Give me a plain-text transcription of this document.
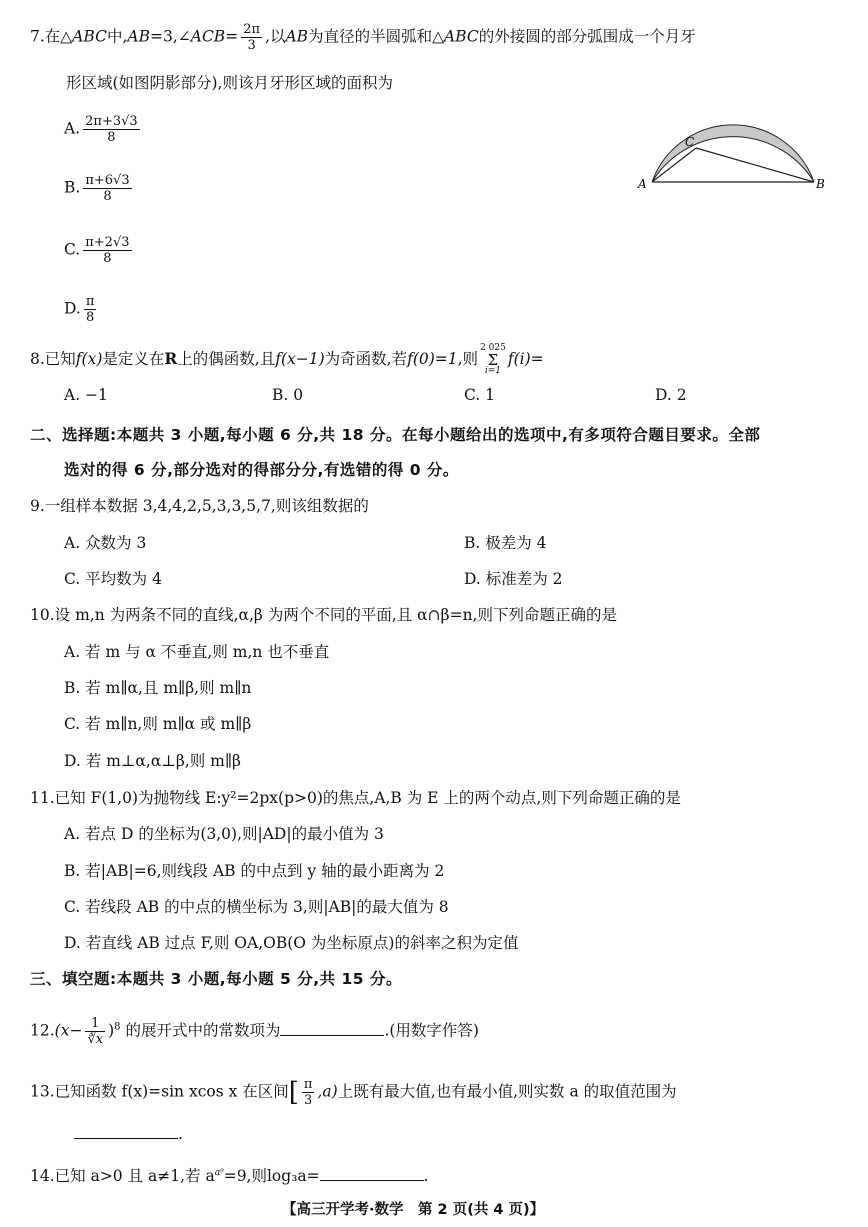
7.在△ABC中,AB=3,∠ACB= $\frac{2\pi}{3}$ ,以AB为直径的半圆弧和△ABC的外接圆的部分弧围成一个月牙
形区域(如图阴影部分),则该月牙形区域的面积为
A. $\frac{2\pi+3√3}{8}$
B. $\frac{\pi+6√3}{8}$
C. $\frac{\pi+2√3}{8}$
D. $\frac{\pi}{8}$
A	B
C
8.已知f(x)是定义在R上的偶函数,且f(x−1)为奇函数,若f(0)=1,则2 025
Σ
i=1f(i)=
A. −1	B. 0	C. 1	D. 2
二、选择题:本题共 3 小题,每小题 6 分,共 18 分。在每小题给出的选项中,有多项符合题目要求。全部
选对的得 6 分,部分选对的得部分分,有选错的得 0 分。
9.一组样本数据 3,4,4,2,5,3,3,5,7,则该组数据的
A. 众数为 3	B. 极差为 4
C. 平均数为 4	D. 标准差为 2
10.设 m,n 为两条不同的直线,α,β 为两个不同的平面,且 α∩β=n,则下列命题正确的是
A. 若 m 与 α 不垂直,则 m,n 也不垂直
B. 若 m∥α,且 m∥β,则 m∥n
C. 若 m∥n,则 m∥α 或 m∥β
D. 若 m⊥α,α⊥β,则 m∥β
11.已知 F(1,0)为抛物线 E:y²=2px(p>0)的焦点,A,B 为 E 上的两个动点,则下列命题正确的是
A. 若点 D 的坐标为(3,0),则|AD|的最小值为 3
B. 若|AB|=6,则线段 AB 的中点到 y 轴的最小距离为 2
C. 若线段 AB 的中点的横坐标为 3,则|AB|的最大值为 8
D. 若直线 AB 过点 F,则 OA,OB(O 为坐标原点)的斜率之积为定值
三、填空题:本题共 3 小题,每小题 5 分,共 15 分。
$12.(x- \frac{1}{∛x} )^8$ 的展开式中的常数项为	.(用数字作答)
13.已知函数 f(x)=sin xcos x 在区间[ $\frac{\pi}{3} ,a$)上既有最大值,也有最小值,则实数 a 的取值范围为
.
14.已知 a>0 且 a≠1,若 $a^{a^9}=9$,则log₃a=	.
【高三开学考·数学　第 2 页(共 4 页)】
